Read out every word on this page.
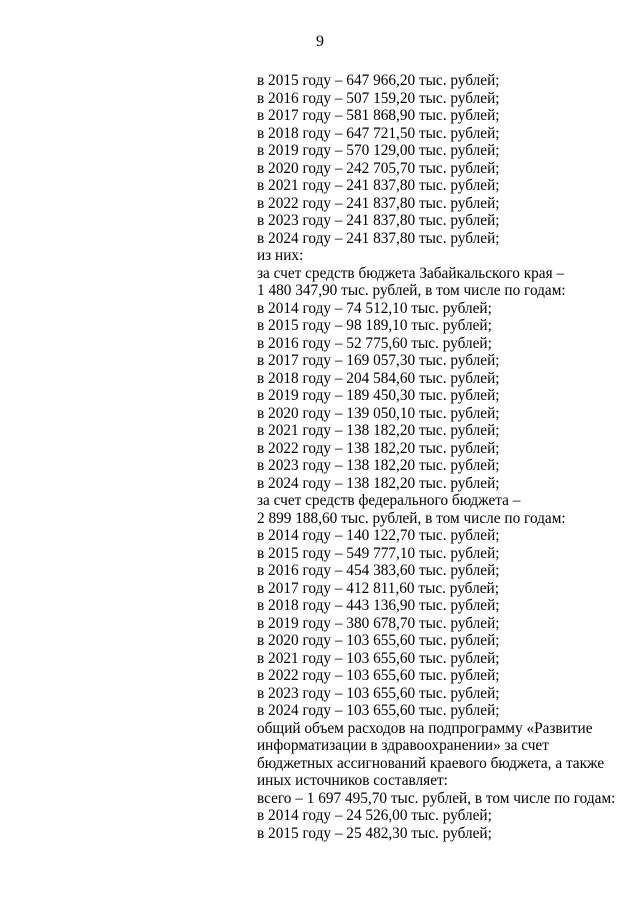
9
в 2015 году – 647 966,20 тыс. рублей;
в 2016 году – 507 159,20 тыс. рублей;
в 2017 году – 581 868,90 тыс. рублей;
в 2018 году – 647 721,50 тыс. рублей;
в 2019 году – 570 129,00 тыс. рублей;
в 2020 году – 242 705,70 тыс. рублей;
в 2021 году – 241 837,80 тыс. рублей;
в 2022 году – 241 837,80 тыс. рублей;
в 2023 году – 241 837,80 тыс. рублей;
в 2024 году – 241 837,80 тыс. рублей;
из них:
за счет средств бюджета Забайкальского края –
1 480 347,90 тыс. рублей, в том числе по годам:
в 2014 году – 74 512,10 тыс. рублей;
в 2015 году – 98 189,10 тыс. рублей;
в 2016 году – 52 775,60 тыс. рублей;
в 2017 году – 169 057,30 тыс. рублей;
в 2018 году – 204 584,60 тыс. рублей;
в 2019 году – 189 450,30 тыс. рублей;
в 2020 году – 139 050,10 тыс. рублей;
в 2021 году – 138 182,20 тыс. рублей;
в 2022 году – 138 182,20 тыс. рублей;
в 2023 году – 138 182,20 тыс. рублей;
в 2024 году – 138 182,20 тыс. рублей;
за счет средств федерального бюджета –
2 899 188,60 тыс. рублей, в том числе по годам:
в 2014 году – 140 122,70 тыс. рублей;
в 2015 году – 549 777,10 тыс. рублей;
в 2016 году – 454 383,60 тыс. рублей;
в 2017 году – 412 811,60 тыс. рублей;
в 2018 году – 443 136,90 тыс. рублей;
в 2019 году – 380 678,70 тыс. рублей;
в 2020 году – 103 655,60 тыс. рублей;
в 2021 году – 103 655,60 тыс. рублей;
в 2022 году – 103 655,60 тыс. рублей;
в 2023 году – 103 655,60 тыс. рублей;
в 2024 году – 103 655,60 тыс. рублей;
общий объем расходов на подпрограмму «Развитие
информатизации в здравоохранении» за счет
бюджетных ассигнований краевого бюджета, а также
иных источников составляет:
всего – 1 697 495,70 тыс. рублей, в том числе по годам:
в 2014 году – 24 526,00 тыс. рублей;
в 2015 году – 25 482,30 тыс. рублей;
